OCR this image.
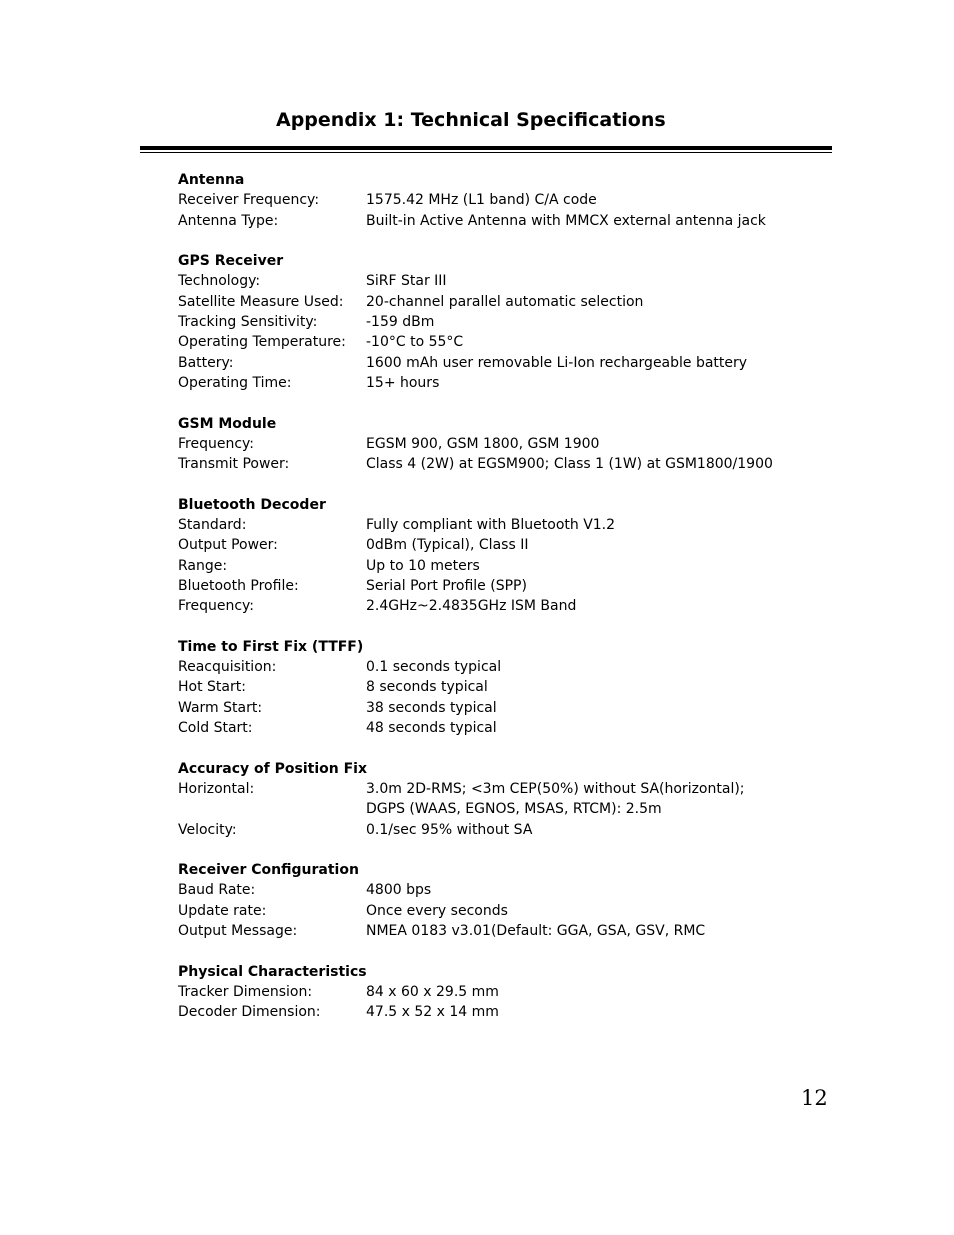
Appendix 1: Technical Specifications
Antenna
Receiver Frequency:	1575.42 MHz (L1 band) C/A code
Antenna Type:	Built-in Active Antenna with MMCX external antenna jack
GPS Receiver
Technology:	SiRF Star III
Satellite Measure Used:	20-channel parallel automatic selection
Tracking Sensitivity:	-159 dBm
Operating Temperature:	-10°C to 55°C
Battery:	1600 mAh user removable Li-Ion rechargeable battery
Operating Time:	15+ hours
GSM Module
Frequency:	EGSM 900, GSM 1800, GSM 1900
Transmit Power:	Class 4 (2W) at EGSM900; Class 1 (1W) at GSM1800/1900
Bluetooth Decoder
Standard:	Fully compliant with Bluetooth V1.2
Output Power:	0dBm (Typical), Class II
Range:	Up to 10 meters
Bluetooth Profile:	Serial Port Profile (SPP)
Frequency:	2.4GHz~2.4835GHz ISM Band
Time to First Fix (TTFF)
Reacquisition:	0.1 seconds typical
Hot Start:	8 seconds typical
Warm Start:	38 seconds typical
Cold Start:	48 seconds typical
Accuracy of Position Fix
Horizontal:	3.0m 2D-RMS; <3m CEP(50%) without SA(horizontal);
DGPS (WAAS, EGNOS, MSAS, RTCM): 2.5m
Velocity:	0.1/sec 95% without SA
Receiver Configuration
Baud Rate:	4800 bps
Update rate:	Once every seconds
Output Message:	NMEA 0183 v3.01(Default: GGA, GSA, GSV, RMC
Physical Characteristics
Tracker Dimension:	84 x 60 x 29.5 mm
Decoder Dimension:	47.5 x 52 x 14 mm
12
